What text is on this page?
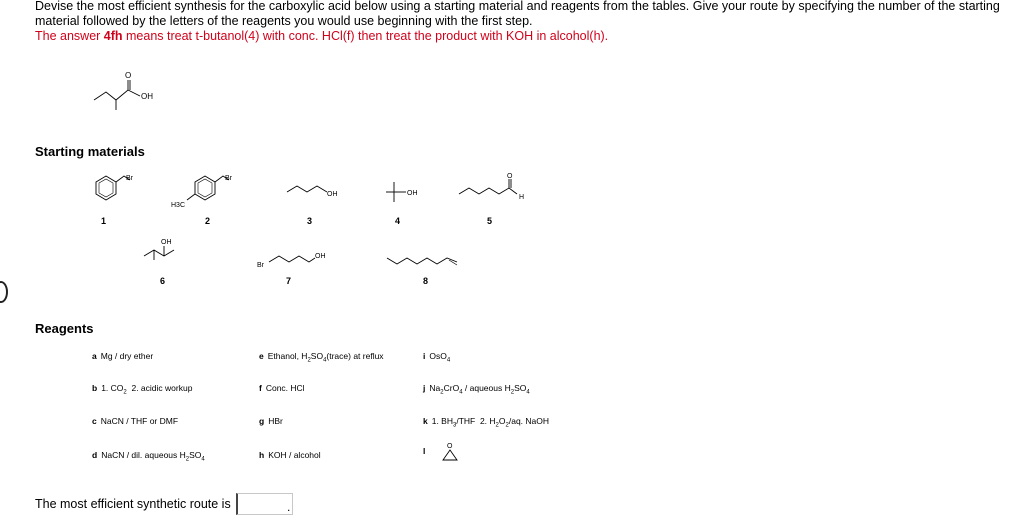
Devise the most efficient synthesis for the carboxylic acid below using a starting material and reagents from the tables. Give your route by specifying the number of the starting material followed by the letters of the reagents you would use beginning with the first step.
The answer 4fh means treat t-butanol(4) with conc. HCl(f) then treat the product with KOH in alcohol(h).
O
OH
Starting materials
Br
1
Br
H3C
2
OH
3
OH
4
O
H
5
OH
6
Br
OH
7	8
Reagents
a Mg / dry ether
b 1. $CO_2$  2. acidic workup
c NaCN / THF or DMF
d NaCN / dil. aqueous $H_2SO_4$
e Ethanol, $H_2SO_4(trace)$ at reflux
f Conc. HCl
g HBr
h KOH / alcohol
i OsO$_4$
j $Na_2CrO_4$ / aqueous $H_2SO_4$
k 1. $BH_3$/THF  2. $H_2O_2/aq$. NaOH
l	O
The most efficient synthetic route is	.
